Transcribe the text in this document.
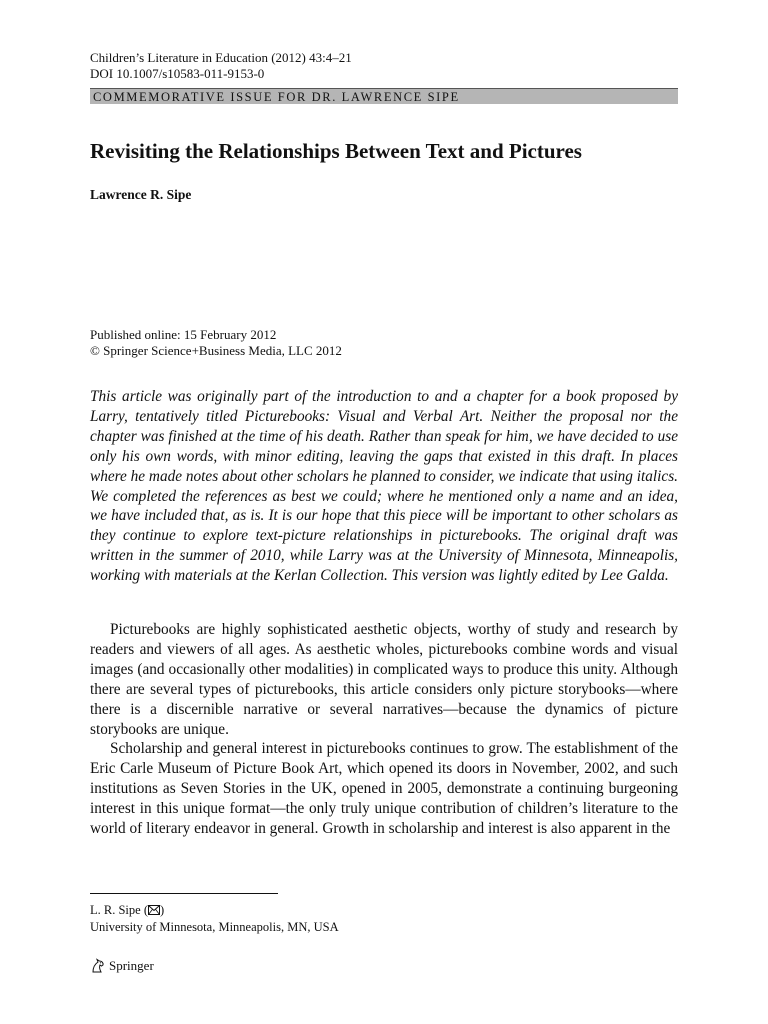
Children’s Literature in Education (2012) 43:4–21
DOI 10.1007/s10583-011-9153-0
COMMEMORATIVE ISSUE FOR DR. LAWRENCE SIPE
Revisiting the Relationships Between Text and Pictures
Lawrence R. Sipe
Published online: 15 February 2012
© Springer Science+Business Media, LLC 2012

This article was originally part of the introduction to and a chapter for a book proposed by Larry, tentatively titled Picturebooks: Visual and Verbal Art. Neither the proposal nor the chapter was finished at the time of his death. Rather than speak for him, we have decided to use only his own words, with minor editing, leaving the gaps that existed in this draft. In places where he made notes about other scholars he planned to consider, we indicate that using italics. We completed the references as best we could; where he mentioned only a name and an idea, we have included that, as is. It is our hope that this piece will be important to other scholars as they continue to explore text-picture relationships in picturebooks. The original draft was written in the summer of 2010, while Larry was at the University of Minnesota, Minneapolis, working with materials at the Kerlan Collection. This version was lightly edited by Lee Galda.

Picturebooks are highly sophisticated aesthetic objects, worthy of study and research by readers and viewers of all ages. As aesthetic wholes, picturebooks combine words and visual images (and occasionally other modalities) in complicated ways to produce this unity. Although there are several types of picturebooks, this article considers only picture storybooks—where there is a discernible narrative or several narratives—because the dynamics of picture storybooks are unique.

Scholarship and general interest in picturebooks continues to grow. The establishment of the Eric Carle Museum of Picture Book Art, which opened its doors in November, 2002, and such institutions as Seven Stories in the UK, opened in 2005, demonstrate a continuing burgeoning interest in this unique format—the only truly unique contribution of children’s literature to the world of literary endeavor in general. Growth in scholarship and interest is also apparent in the

L. R. Sipe ( )
University of Minnesota, Minneapolis, MN, USA
Springer
